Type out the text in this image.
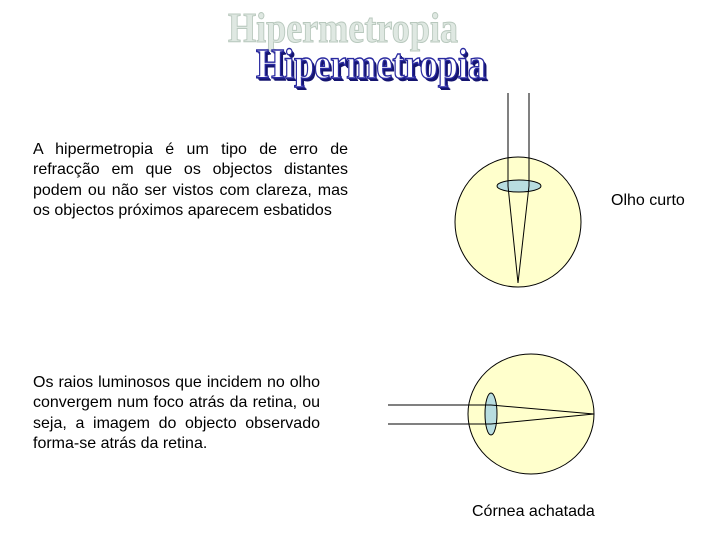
Hipermetropia
Hipermetropia

A hipermetropia é um tipo de erro de refracção em que os objectos distantes podem ou não ser vistos com clareza, mas os objectos próximos aparecem esbatidos

Os raios luminosos que incidem no olho convergem num foco atrás da retina, ou seja, a imagem do objecto observado forma-se atrás da retina.

Olho curto

Córnea achatada
